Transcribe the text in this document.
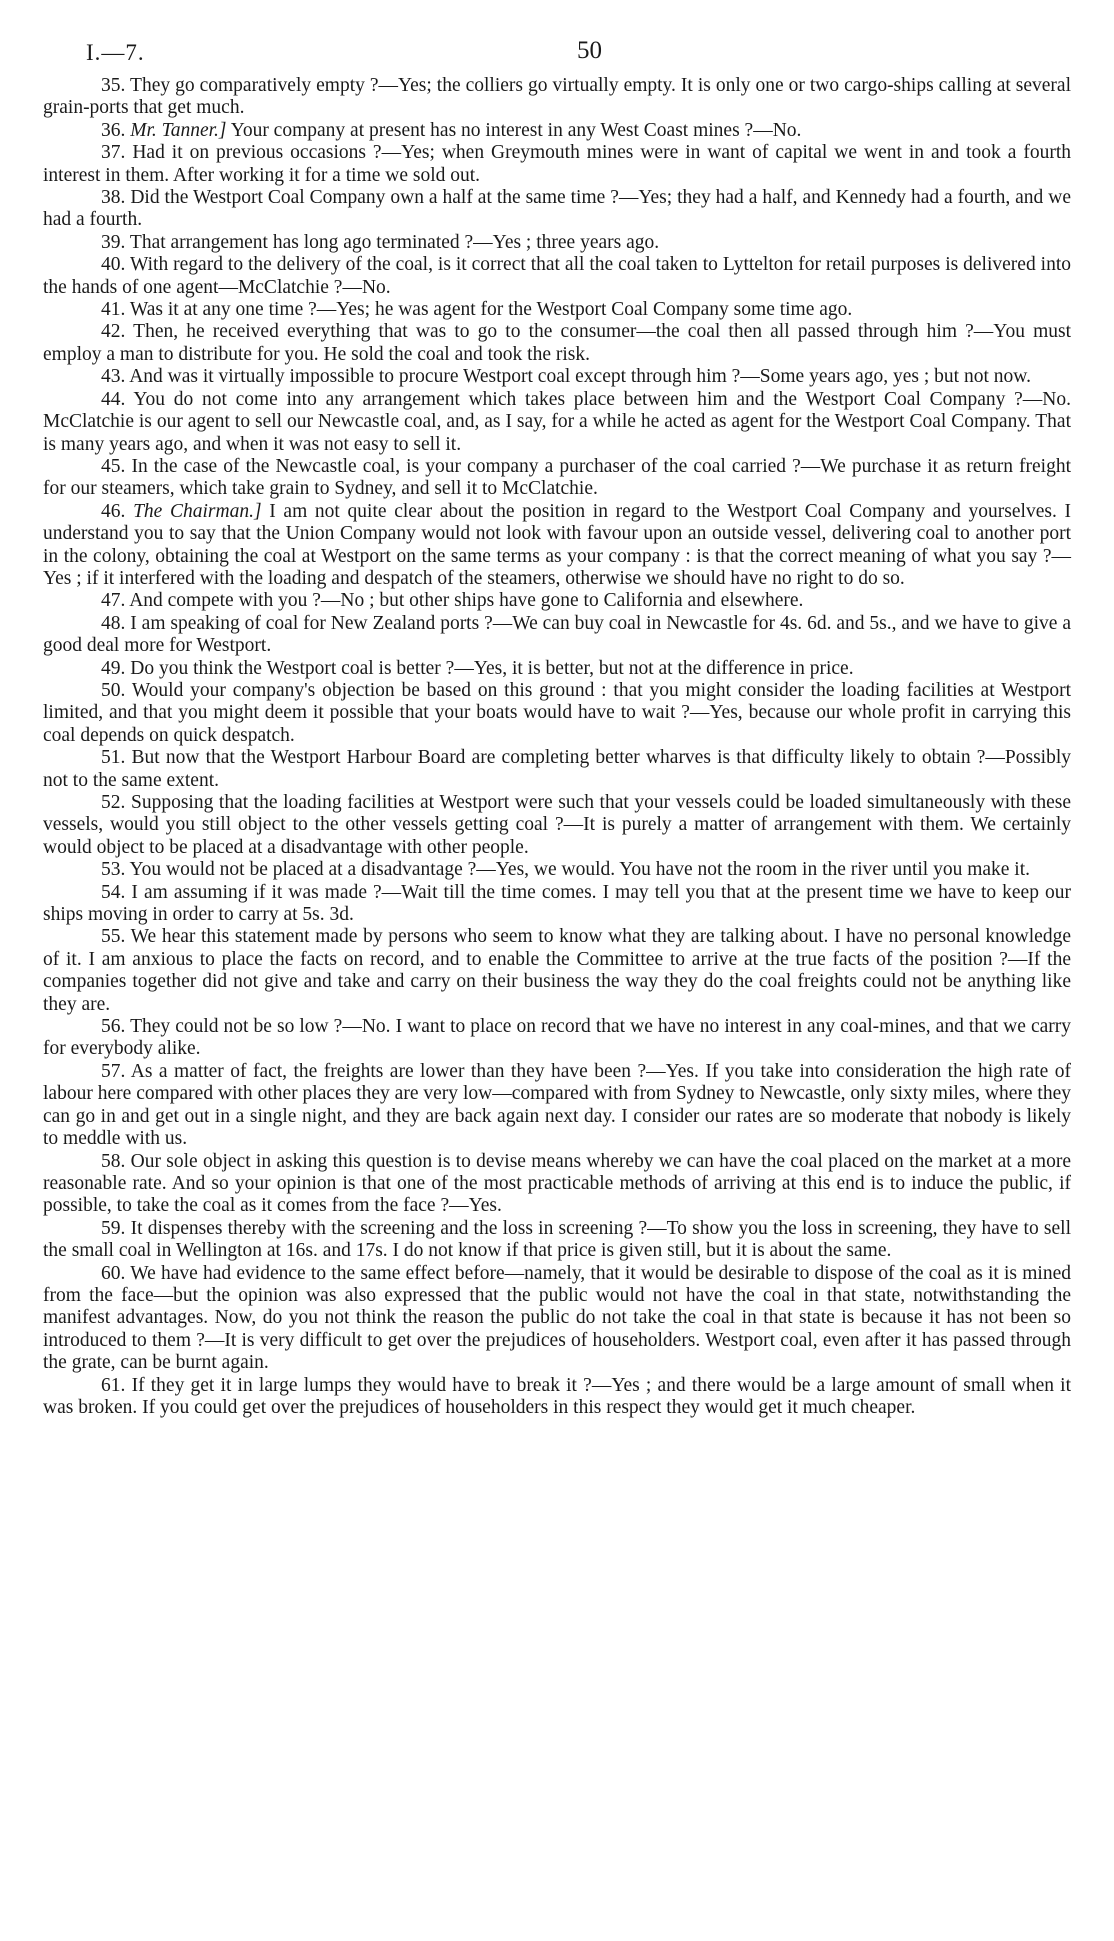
I.—7.	50

35. They go comparatively empty ?—Yes; the colliers go virtually empty. It is only one or two cargo-ships calling at several grain-ports that get much.

36. Mr. Tanner.] Your company at present has no interest in any West Coast mines ?—No.

37. Had it on previous occasions ?—Yes; when Greymouth mines were in want of capital we went in and took a fourth interest in them. After working it for a time we sold out.

38. Did the Westport Coal Company own a half at the same time ?—Yes; they had a half, and Kennedy had a fourth, and we had a fourth.

39. That arrangement has long ago terminated ?—Yes ; three years ago.

40. With regard to the delivery of the coal, is it correct that all the coal taken to Lyttelton for retail purposes is delivered into the hands of one agent—McClatchie ?—No.

41. Was it at any one time ?—Yes; he was agent for the Westport Coal Company some time ago.

42. Then, he received everything that was to go to the consumer—the coal then all passed through him ?—You must employ a man to distribute for you. He sold the coal and took the risk.

43. And was it virtually impossible to procure Westport coal except through him ?—Some years ago, yes ; but not now.

44. You do not come into any arrangement which takes place between him and the Westport Coal Company ?—No. McClatchie is our agent to sell our Newcastle coal, and, as I say, for a while he acted as agent for the Westport Coal Company. That is many years ago, and when it was not easy to sell it.

45. In the case of the Newcastle coal, is your company a purchaser of the coal carried ?—We purchase it as return freight for our steamers, which take grain to Sydney, and sell it to McClatchie.

46. The Chairman.] I am not quite clear about the position in regard to the Westport Coal Company and yourselves. I understand you to say that the Union Company would not look with favour upon an outside vessel, delivering coal to another port in the colony, obtaining the coal at Westport on the same terms as your company : is that the correct meaning of what you say ?—Yes ; if it interfered with the loading and despatch of the steamers, otherwise we should have no right to do so.

47. And compete with you ?—No ; but other ships have gone to California and elsewhere.

48. I am speaking of coal for New Zealand ports ?—We can buy coal in Newcastle for 4s. 6d. and 5s., and we have to give a good deal more for Westport.

49. Do you think the Westport coal is better ?—Yes, it is better, but not at the difference in price.

50. Would your company's objection be based on this ground : that you might consider the loading facilities at Westport limited, and that you might deem it possible that your boats would have to wait ?—Yes, because our whole profit in carrying this coal depends on quick despatch.

51. But now that the Westport Harbour Board are completing better wharves is that difficulty likely to obtain ?—Possibly not to the same extent.

52. Supposing that the loading facilities at Westport were such that your vessels could be loaded simultaneously with these vessels, would you still object to the other vessels getting coal ?—It is purely a matter of arrangement with them. We certainly would object to be placed at a disadvantage with other people.

53. You would not be placed at a disadvantage ?—Yes, we would. You have not the room in the river until you make it.

54. I am assuming if it was made ?—Wait till the time comes. I may tell you that at the present time we have to keep our ships moving in order to carry at 5s. 3d.

55. We hear this statement made by persons who seem to know what they are talking about. I have no personal knowledge of it. I am anxious to place the facts on record, and to enable the Committee to arrive at the true facts of the position ?—If the companies together did not give and take and carry on their business the way they do the coal freights could not be anything like they are.

56. They could not be so low ?—No. I want to place on record that we have no interest in any coal-mines, and that we carry for everybody alike.

57. As a matter of fact, the freights are lower than they have been ?—Yes. If you take into consideration the high rate of labour here compared with other places they are very low—compared with from Sydney to Newcastle, only sixty miles, where they can go in and get out in a single night, and they are back again next day. I consider our rates are so moderate that nobody is likely to meddle with us.

58. Our sole object in asking this question is to devise means whereby we can have the coal placed on the market at a more reasonable rate. And so your opinion is that one of the most practicable methods of arriving at this end is to induce the public, if possible, to take the coal as it comes from the face ?—Yes.

59. It dispenses thereby with the screening and the loss in screening ?—To show you the loss in screening, they have to sell the small coal in Wellington at 16s. and 17s. I do not know if that price is given still, but it is about the same.

60. We have had evidence to the same effect before—namely, that it would be desirable to dispose of the coal as it is mined from the face—but the opinion was also expressed that the public would not have the coal in that state, notwithstanding the manifest advantages. Now, do you not think the reason the public do not take the coal in that state is because it has not been so introduced to them ?—It is very difficult to get over the prejudices of householders. Westport coal, even after it has passed through the grate, can be burnt again.

61. If they get it in large lumps they would have to break it ?—Yes ; and there would be a large amount of small when it was broken. If you could get over the prejudices of householders in this respect they would get it much cheaper.
